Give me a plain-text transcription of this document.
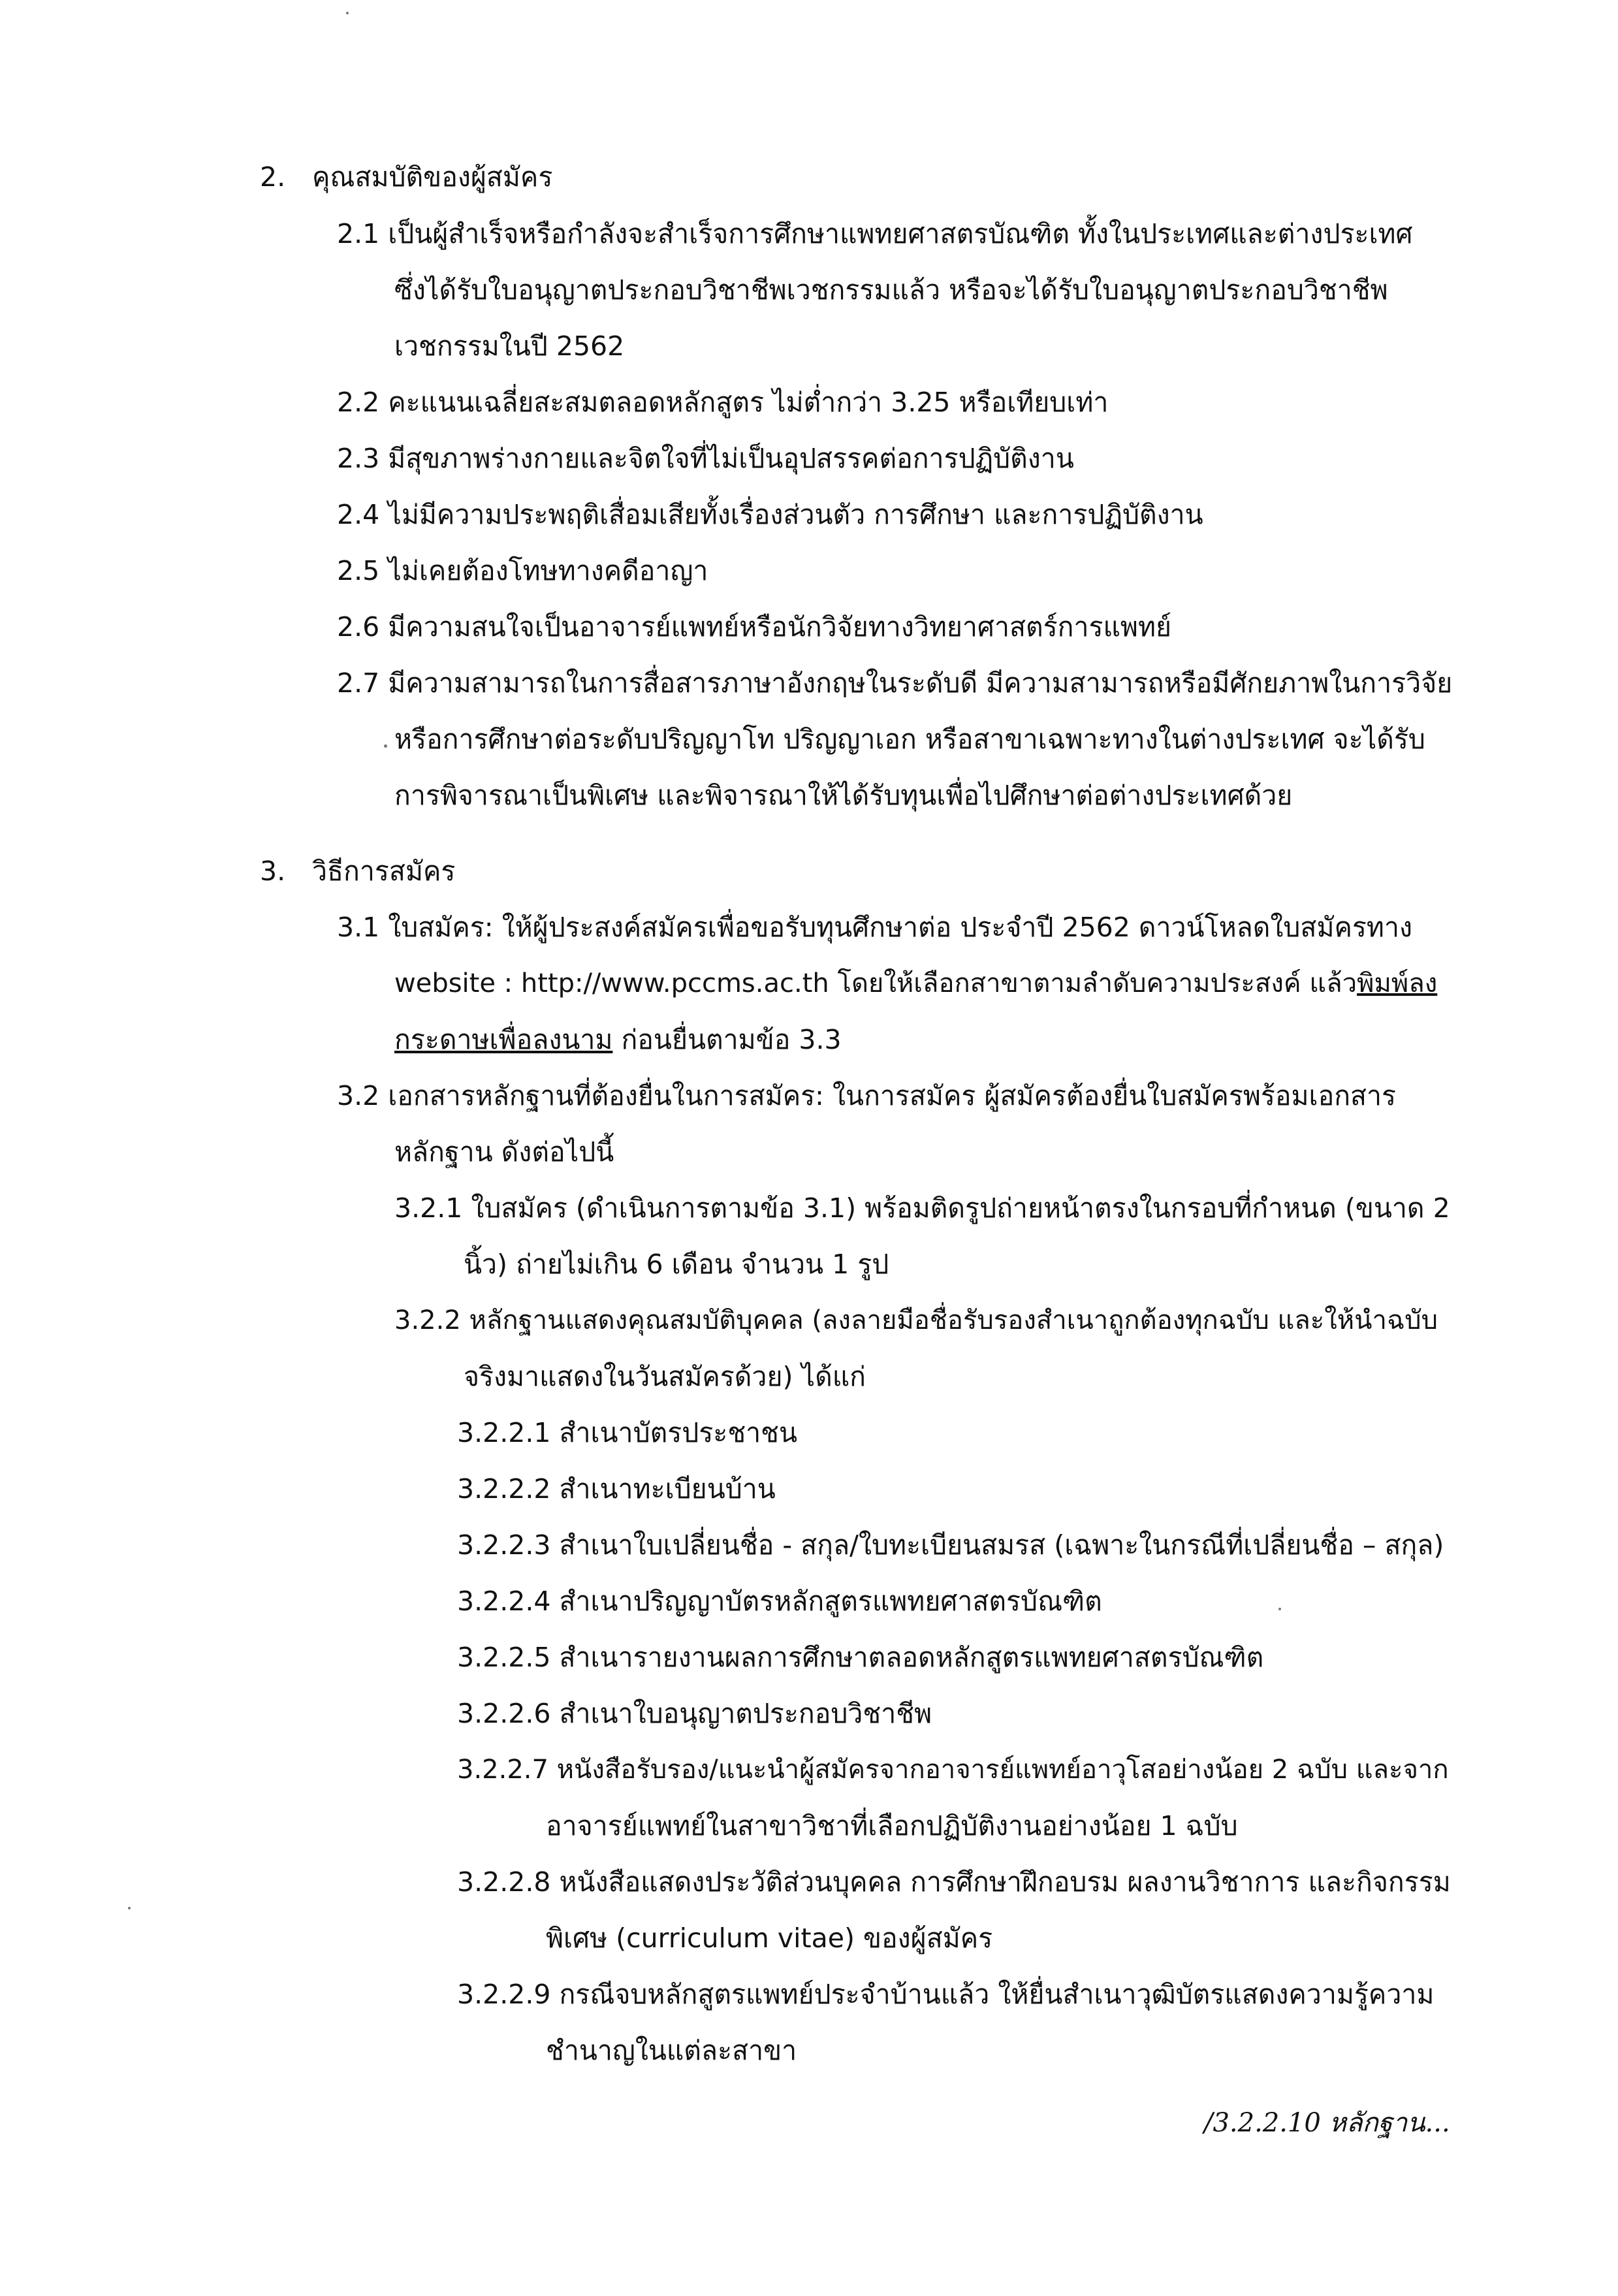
2. คุณสมบัติของผู้สมัคร
2.1 เป็นผู้สำเร็จหรือกำลังจะสำเร็จการศึกษาแพทยศาสตรบัณฑิต ทั้งในประเทศและต่างประเทศ
ซึ่งได้รับใบอนุญาตประกอบวิชาชีพเวชกรรมแล้ว หรือจะได้รับใบอนุญาตประกอบวิชาชีพ
เวชกรรมในปี 2562
2.2 คะแนนเฉลี่ยสะสมตลอดหลักสูตร ไม่ต่ำกว่า 3.25 หรือเทียบเท่า
2.3 มีสุขภาพร่างกายและจิตใจที่ไม่เป็นอุปสรรคต่อการปฏิบัติงาน
2.4 ไม่มีความประพฤติเสื่อมเสียทั้งเรื่องส่วนตัว การศึกษา และการปฏิบัติงาน
2.5 ไม่เคยต้องโทษทางคดีอาญา
2.6 มีความสนใจเป็นอาจารย์แพทย์หรือนักวิจัยทางวิทยาศาสตร์การแพทย์
2.7 มีความสามารถในการสื่อสารภาษาอังกฤษในระดับดี มีความสามารถหรือมีศักยภาพในการวิจัย
หรือการศึกษาต่อระดับปริญญาโท ปริญญาเอก หรือสาขาเฉพาะทางในต่างประเทศ จะได้รับ
การพิจารณาเป็นพิเศษ และพิจารณาให้ได้รับทุนเพื่อไปศึกษาต่อต่างประเทศด้วย
3. วิธีการสมัคร
3.1 ใบสมัคร: ให้ผู้ประสงค์สมัครเพื่อขอรับทุนศึกษาต่อ ประจำปี 2562 ดาวน์โหลดใบสมัครทาง
website : http://www.pccms.ac.th โดยให้เลือกสาขาตามลำดับความประสงค์ แล้วพิมพ์ลง
กระดาษเพื่อลงนาม ก่อนยื่นตามข้อ 3.3
3.2 เอกสารหลักฐานที่ต้องยื่นในการสมัคร: ในการสมัคร ผู้สมัครต้องยื่นใบสมัครพร้อมเอกสาร
หลักฐาน ดังต่อไปนี้
3.2.1 ใบสมัคร (ดำเนินการตามข้อ 3.1) พร้อมติดรูปถ่ายหน้าตรงในกรอบที่กำหนด (ขนาด 2
นิ้ว) ถ่ายไม่เกิน 6 เดือน จำนวน 1 รูป
3.2.2 หลักฐานแสดงคุณสมบัติบุคคล (ลงลายมือชื่อรับรองสำเนาถูกต้องทุกฉบับ และให้นำฉบับ
จริงมาแสดงในวันสมัครด้วย) ได้แก่
3.2.2.1 สำเนาบัตรประชาชน
3.2.2.2 สำเนาทะเบียนบ้าน
3.2.2.3 สำเนาใบเปลี่ยนชื่อ - สกุล/ใบทะเบียนสมรส (เฉพาะในกรณีที่เปลี่ยนชื่อ – สกุล)
3.2.2.4 สำเนาปริญญาบัตรหลักสูตรแพทยศาสตรบัณฑิต
3.2.2.5 สำเนารายงานผลการศึกษาตลอดหลักสูตรแพทยศาสตรบัณฑิต
3.2.2.6 สำเนาใบอนุญาตประกอบวิชาชีพ
3.2.2.7 หนังสือรับรอง/แนะนำผู้สมัครจากอาจารย์แพทย์อาวุโสอย่างน้อย 2 ฉบับ และจาก
อาจารย์แพทย์ในสาขาวิชาที่เลือกปฏิบัติงานอย่างน้อย 1 ฉบับ
3.2.2.8 หนังสือแสดงประวัติส่วนบุคคล การศึกษาฝึกอบรม ผลงานวิชาการ และกิจกรรม
พิเศษ (curriculum vitae) ของผู้สมัคร
3.2.2.9 กรณีจบหลักสูตรแพทย์ประจำบ้านแล้ว ให้ยื่นสำเนาวุฒิบัตรแสดงความรู้ความ
ชำนาญในแต่ละสาขา
/3.2.2.10 หลักฐาน...
